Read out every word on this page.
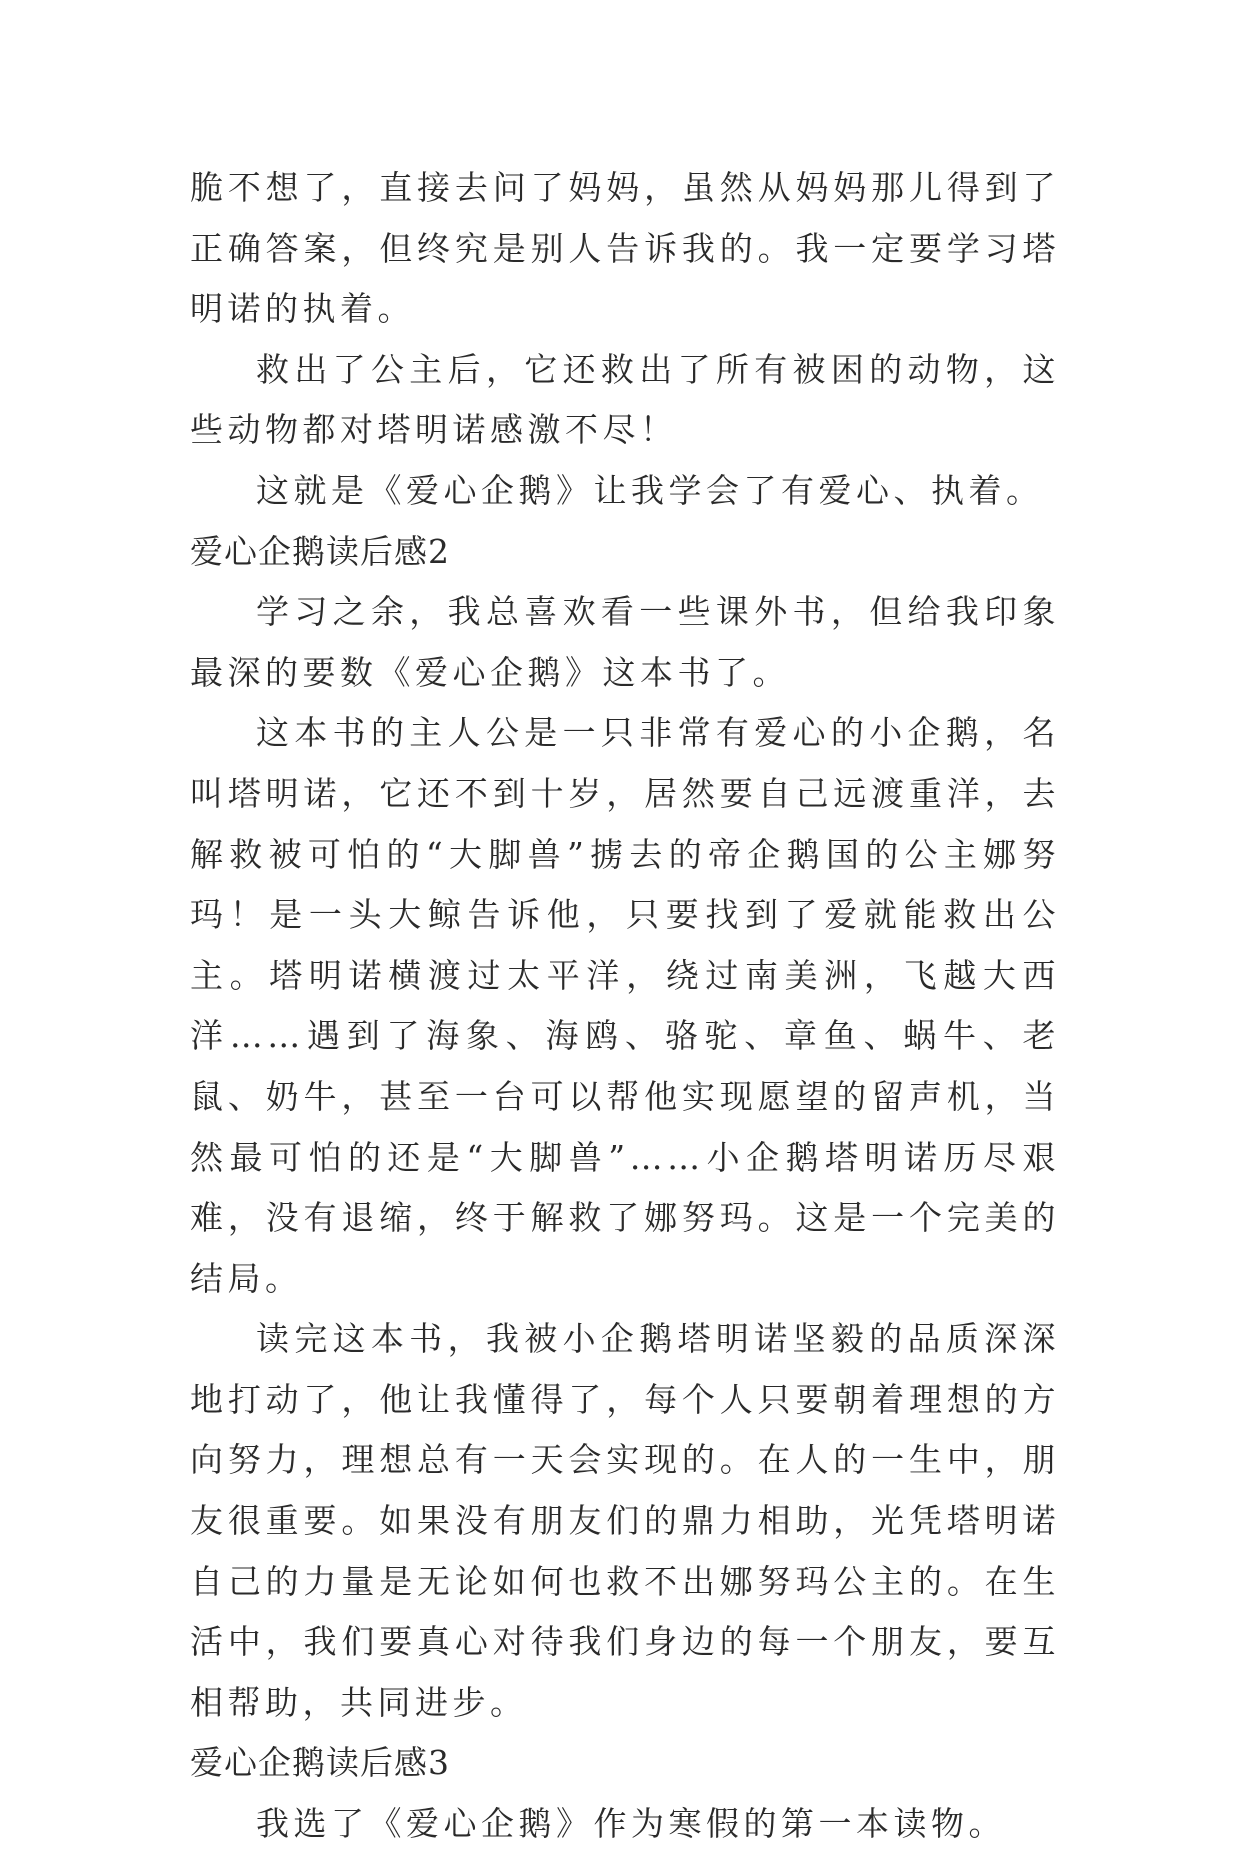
脆不想了，直接去问了妈妈，虽然从妈妈那儿得到了正确答案，但终究是别人告诉我的。我一定要学习塔明诺的执着。

救出了公主后，它还救出了所有被困的动物，这些动物都对塔明诺感激不尽！

这就是《爱心企鹅》让我学会了有爱心、执着。

爱心企鹅读后感2

学习之余，我总喜欢看一些课外书，但给我印象最深的要数《爱心企鹅》这本书了。

这本书的主人公是一只非常有爱心的小企鹅，名叫塔明诺，它还不到十岁，居然要自己远渡重洋，去解救被可怕的“大脚兽”掳去的帝企鹅国的公主娜努玛！是一头大鲸告诉他，只要找到了爱就能救出公主。塔明诺横渡过太平洋，绕过南美洲，飞越大西洋……遇到了海象、海鸥、骆驼、章鱼、蜗牛、老鼠、奶牛，甚至一台可以帮他实现愿望的留声机，当然最可怕的还是“大脚兽”……小企鹅塔明诺历尽艰难，没有退缩，终于解救了娜努玛。这是一个完美的结局。

读完这本书，我被小企鹅塔明诺坚毅的品质深深地打动了，他让我懂得了，每个人只要朝着理想的方向努力，理想总有一天会实现的。在人的一生中，朋友很重要。如果没有朋友们的鼎力相助，光凭塔明诺自己的力量是无论如何也救不出娜努玛公主的。在生活中，我们要真心对待我们身边的每一个朋友，要互相帮助，共同进步。

爱心企鹅读后感3

我选了《爱心企鹅》作为寒假的第一本读物。
